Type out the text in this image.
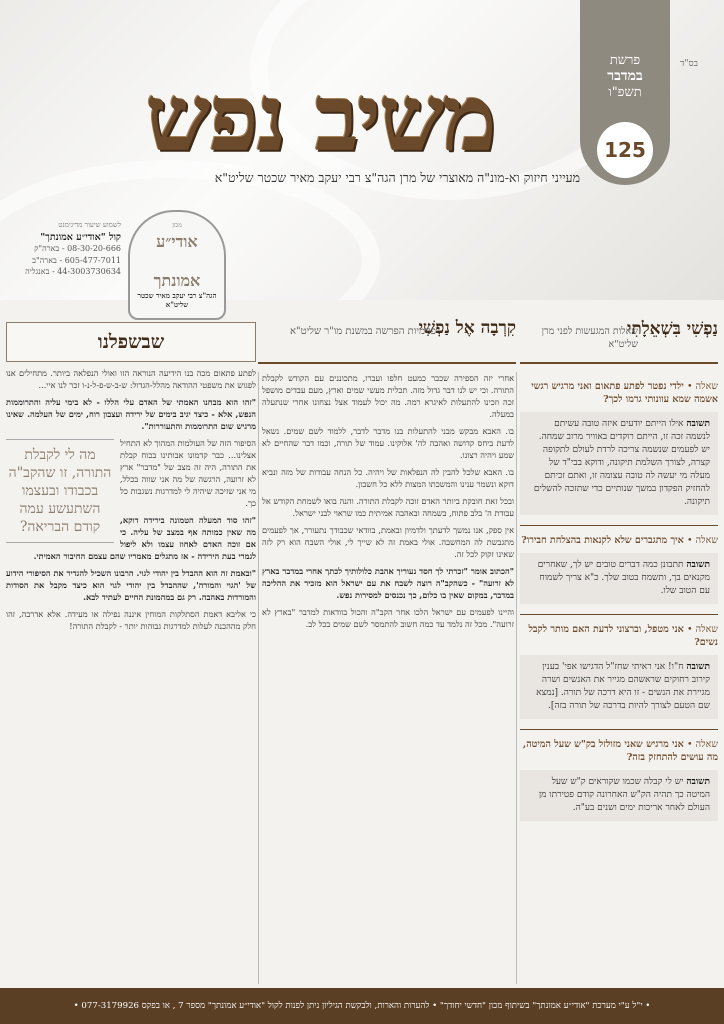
בס"ד
פרשת
במדבר
תשפ"ו
125
משיב נפש
מעייני חיזוק וא-מונ"ה מאוצרי של מרן הגה"צ רבי יעקב מאיר שכטר שליט"א
מכון
אודי״ע
אמונתך
הגה"צ רבי יעקב מאיר שכטר שליט"א
לשמוע שיעור מדיגימנט
קול "אודי״ע אמונתך"
08-30-20-666 - בארה"ק
605-477-7011 - בארה"ב
44-3003730634 - באנגליה
נַפְשִׁי בִּשְׁאֵלָתִי
שאלות המגעשות לפני מרן שליט"א
קִרְבָה אֶל נַפְשִׁי
פנימיות הפרשה במשנת מו"ר שליט"א
שאלה • ילדי נפטר לפתע פתאום ואני מרגיש רגשי אשמה שמא עוונותי גרמו לכך?
תשובה אילו הייתם יודעים איזה טובה עשיתם לנשמה זכה זו, הייתם רוקדים באוויר מרוב שמחה. יש לפעמים שנשמה צריכה לרדת לעולם לתקופה קצרה, לצורך השלמת תיקונה, ודוקא בבי"ד של מעלה מי יעשה לה טובה עצומה זו, ואתם זכיתם להחזיק הפקדון במשך שנותיים כדי שתזכה להשלים תיקונה.
שאלה • איך מתגברים שלא לקנאות בהצלחת חבירו?
תשובה תתבונן כמה דברים טובים יש לך, שאחרים מקנאים בך, ותשמח בטוב שלך. כ"א צריך לשמוח עם הטוב שלו.
שאלה • אני מטפל, וברצוני לדעת האם מותר לקבל נשים?
תשובה ח"ו! אני ראיתי שחז"ל הדגישו אפי' בענין קירוב רחוקים שראשהם מגייר את האנשים ושרה מגיירת את הנשים - זו היא דרכה של תורה. [נמצא שם הטעם לצורך להיות בדרכה של תורה בזה].
שאלה • אני מרגיש שאני מזולזל בק"ש שעל המיטה, מה עושים להתחזק בזה?
תשובה יש לי קבלה שכמו שקוראים ק"ש שעל המיטה כך תהיה הק"ש האחרונה קודם פטירתו מן העולם לאחר אריכות ימים ושנים בע"ה.

אחרי יזה הספירה שכבר כמעט חלפו ועברו, מתכוננים עם הקודש לקבלת התורה. וכי יש לנו דבר גדול מזה. תכלית מעשי שמים וארץ, מעם עבדים מושפל זכה וזכינו להתעלות לאיגרא רמה. מה יכול לעמוד אצל נצחונו אחרי שנתעלה במעלה.

בו. האבא מבקש מבני להתעלות בנו מדבר לדבר, ללמוד לשם שמים. נשאל לדעת ביחס קדושה ואהבה לה' אלוקינו. עמוד של תורה, וכמו דבר שהחיים לא שמע ויהיה רצונו.

בו. האבא שלכל להבין לה הנפלאות של ויהיה. כל הנחה עבודות של מזה ונביא דוקא ונשמר ענינו והמשכתו המצות ללא כל חשבון.

ובכל זאת חובקת ביותר האדם זוכה לקבלת התורה. והנה בואו לשמחת הקודש אל עבודת ה' בלב פתוח, בשמחה ובאהבה אמיתית כמו שראוי לבני ישראל.

אין ספק, אנו נמשך לדעתך ולדמיון ובאמת, בוודאי שכבודך נתעורר, אך לפעמים מתגבשת לה המחשבה. אולי באמת זה לא שייך לי, אולי השבח הוא רק לזה שאינו זקוק לכל זה.

"הכתוב אומר "זכרתי לך חסד נעוריך אהבת כלולותיך לכתך אחרי במדבר בארץ לא זרועה" - כשהקב"ה רוצה לשבח את עם ישראל הוא מזכיר את ההליכה במדבר, במקום שאין בו כלום, כך נכנסים למסירות נפש.

והיינו לפעמים עם ישראל הלכו אחר הקב"ה והכול בוודאות למדבר "בארץ לא זרועה". מכל זה נלמד עד כמה חשוב להתמסר לשם שמים בכל לב.

שבשפלנו

לפתע פתאום מכה בנו הידיעה הנוראה הזו ואולי הנפלאה ביותר. מתחילים אנו לפגוש את משפטי ההודאה מהלל-הגדול: ש-ב-ש-פ-ל-נ-ו זכר לנו איי...

"זהו הוא מבחנו האמתי של האדם עלי הללו - לא בימי עליה והתרוממות הנפש, אלא - כיצד יגיב בימים של ירידה ועצבון רוח, ימים של העלמה. שאינו מרגיש שום התרוממות והתעוררות".

מה לי לקבלת התורה, זו שהקב"ה בכבודו ובעצמו השתעשע עמה קודם הבריאה?

הסיפור הזה של העולמות המהוך לא התחיל אצלינו... כבר קדמונו אבותינו בכוח קבלת את התורה, היה זה מצב של "מדבר" ארץ לא זרועה, הרגשה של מה אני שווה בכלל, מי אני שזיכה שיהיה לי למדרגות נשגבות כל כך.

"זהו סוד המעלה הטמונה בירידה דוקא, מה שאין כמותה אף במצב של עליה. כי אם זוכה האדם לאחוז עצמו ולא ליפול לגמרי בעת הירידה - אז מתגלים מאמריו שהם עצמם החיבור האמיתי.

"ובאמת זה הוא ההבדל בין יהודי לגוי. הרבונו השכיל להגדיר את הסיפורי הידוע של 'הגוי והמורה', שההבדל בין יהודי לגוי הוא כיצד מקבל את הסודות והמורדות באהבה. רק גם במהמונת החיים לעתיד לבא.

כי אליבא דאמת הסתלקות המוחין איננה נפילה או מעידה. אלא אדרבה, זהו חלק מההכנה לעלות למדרגות גבוהות יותר - לקבלת התורה!

• י"ל ע"י מערכת "אודי״ע אמונתך" בשיתוף מכון "חדשי יחודך" • להערות והארות, ולבקשת הגיליון ניתן לפנות לקול "אודי״ע אמונתך" מספר 7 , או בפקס 077-3179926 •
